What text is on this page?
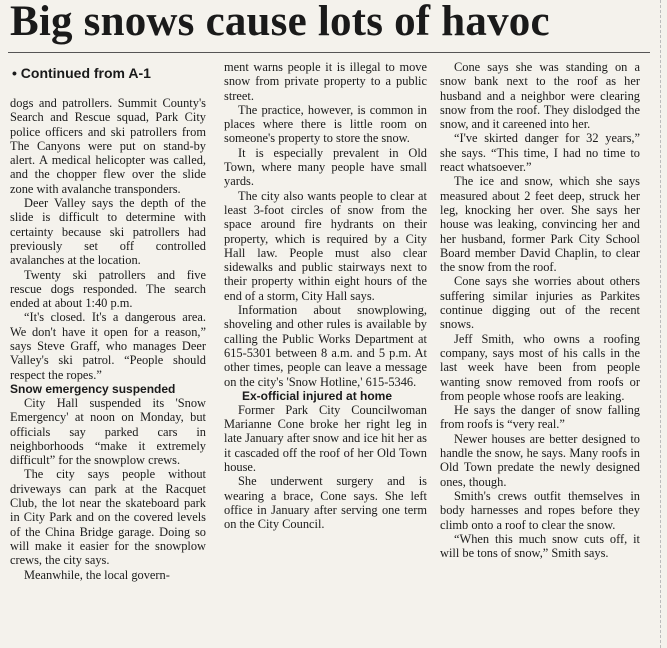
Big snows cause lots of havoc
• Continued from A-1

dogs and patrollers. Summit County's Search and Rescue squad, Park City police officers and ski patrollers from The Canyons were put on stand-by alert. A medical helicopter was called, and the chopper flew over the slide zone with avalanche transponders.

Deer Valley says the depth of the slide is difficult to determine with certainty because ski patrollers had previously set off controlled avalanches at the location.

Twenty ski patrollers and five rescue dogs responded. The search ended at about 1:40 p.m.

“It's closed. It's a dangerous area. We don't have it open for a reason,” says Steve Graff, who manages Deer Valley's ski patrol. “People should respect the ropes.”

Snow emergency suspended

City Hall suspended its 'Snow Emergency' at noon on Monday, but officials say parked cars in neighborhoods “make it extremely difficult” for the snowplow crews.

The city says people without driveways can park at the Racquet Club, the lot near the skateboard park in City Park and on the covered levels of the China Bridge garage. Doing so will make it easier for the snowplow crews, the city says.

Meanwhile, the local govern-

ment warns people it is illegal to move snow from private property to a public street.

The practice, however, is common in places where there is little room on someone's property to store the snow.

It is especially prevalent in Old Town, where many people have small yards.

The city also wants people to clear at least 3-foot circles of snow from the space around fire hydrants on their property, which is required by a City Hall law. People must also clear sidewalks and public stairways next to their property within eight hours of the end of a storm, City Hall says.

Information about snowplowing, shoveling and other rules is available by calling the Public Works Department at 615-5301 between 8 a.m. and 5 p.m. At other times, people can leave a message on the city's 'Snow Hotline,' 615-5346.

Ex-official injured at home

Former Park City Councilwoman Marianne Cone broke her right leg in late January after snow and ice hit her as it cascaded off the roof of her Old Town house.

She underwent surgery and is wearing a brace, Cone says. She left office in January after serving one term on the City Council.

Cone says she was standing on a snow bank next to the roof as her husband and a neighbor were clearing snow from the roof. They dislodged the snow, and it careened into her.

“I've skirted danger for 32 years,” she says. “This time, I had no time to react whatsoever.”

The ice and snow, which she says measured about 2 feet deep, struck her leg, knocking her over. She says her house was leaking, convincing her and her husband, former Park City School Board member David Chaplin, to clear the snow from the roof.

Cone says she worries about others suffering similar injuries as Parkites continue digging out of the recent snows.

Jeff Smith, who owns a roofing company, says most of his calls in the last week have been from people wanting snow removed from roofs or from people whose roofs are leaking.

He says the danger of snow falling from roofs is “very real.”

Newer houses are better designed to handle the snow, he says. Many roofs in Old Town predate the newly designed ones, though.

Smith's crews outfit themselves in body harnesses and ropes before they climb onto a roof to clear the snow.

“When this much snow cuts off, it will be tons of snow,” Smith says.
